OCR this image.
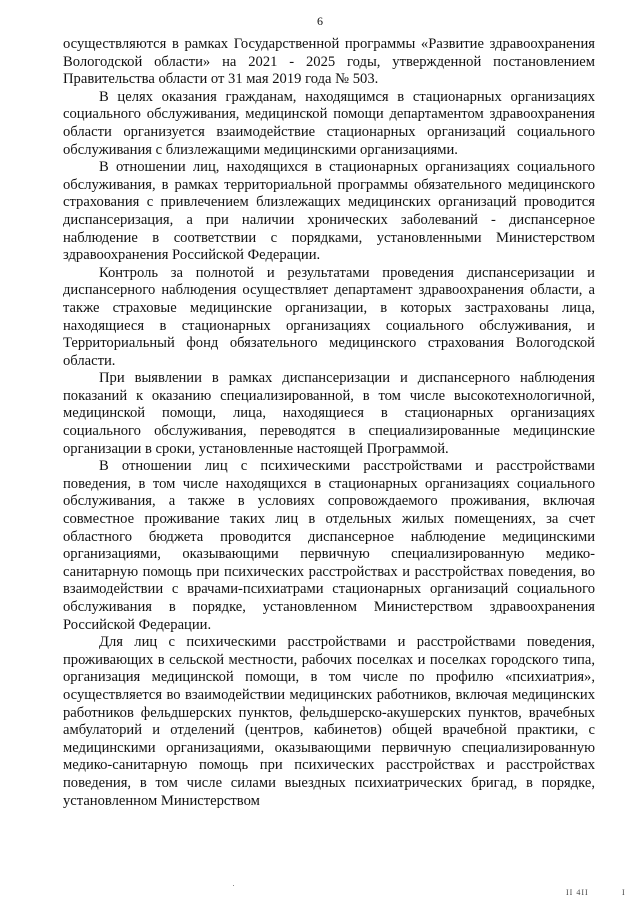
6

осуществляются в рамках Государственной программы «Развитие здравоохранения Вологодской области» на 2021 - 2025 годы, утвержденной постановлением Правительства области от 31 мая 2019 года № 503.

В целях оказания гражданам, находящимся в стационарных организациях социального обслуживания, медицинской помощи департаментом здравоохранения области организуется взаимодействие стационарных организаций социального обслуживания с близлежащими медицинскими организациями.

В отношении лиц, находящихся в стационарных организациях социального обслуживания, в рамках территориальной программы обязательного медицинского страхования с привлечением близлежащих медицинских организаций проводится диспансеризация, а при наличии хронических заболеваний - диспансерное наблюдение в соответствии с порядками, установленными Министерством здравоохранения Российской Федерации.

Контроль за полнотой и результатами проведения диспансеризации и диспансерного наблюдения осуществляет департамент здравоохранения области, а также страховые медицинские организации, в которых застрахованы лица, находящиеся в стационарных организациях социального обслуживания, и Территориальный фонд обязательного медицинского страхования Вологодской области.

При выявлении в рамках диспансеризации и диспансерного наблюдения показаний к оказанию специализированной, в том числе высокотехнологичной, медицинской помощи, лица, находящиеся в стационарных организациях социального обслуживания, переводятся в специализированные медицинские организации в сроки, установленные настоящей Программой.

В отношении лиц с психическими расстройствами и расстройствами поведения, в том числе находящихся в стационарных организациях социального обслуживания, а также в условиях сопровождаемого проживания, включая совместное проживание таких лиц в отдельных жилых помещениях, за счет областного бюджета проводится диспансерное наблюдение медицинскими организациями, оказывающими первичную специализированную медико-санитарную помощь при психических расстройствах и расстройствах поведения, во взаимодействии с врачами-психиатрами стационарных организаций социального обслуживания в порядке, установленном Министерством здравоохранения Российской Федерации.

Для лиц с психическими расстройствами и расстройствами поведения, проживающих в сельской местности, рабочих поселках и поселках городского типа, организация медицинской помощи, в том числе по профилю «психиатрия», осуществляется во взаимодействии медицинских работников, включая медицинских работников фельдшерских пунктов, фельдшерско-акушерских пунктов, врачебных амбулаторий и отделений (центров, кабинетов) общей врачебной практики, с медицинскими организациями, оказывающими первичную специализированную медико-санитарную помощь при психических расстройствах и расстройствах поведения, в том числе силами выездных психиатрических бригад, в порядке, установленном Министерством

II 4II	I
